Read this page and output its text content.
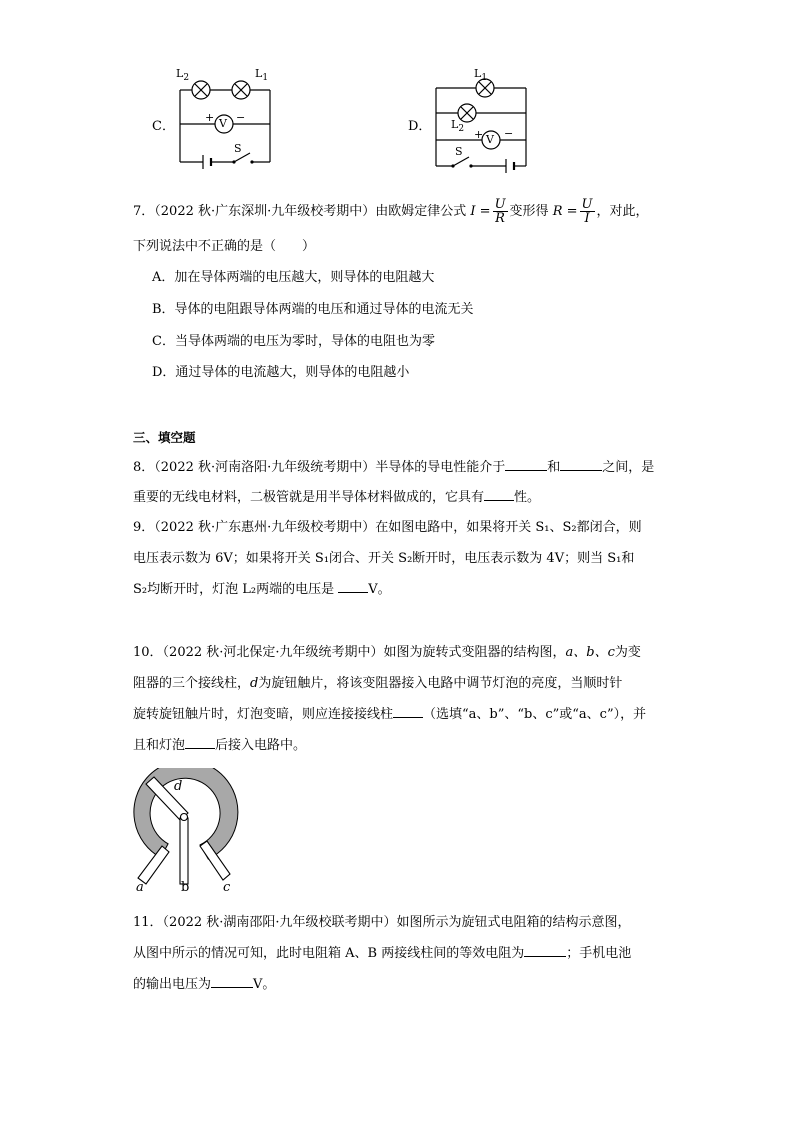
C．
$L_2$	$L_1$
+ −
V
S
D．
$L_1$
$L_2$ + −
V
S
7．（2022 秋·广东深圳·九年级校考期中）由欧姆定律公式 $I = \frac{U}{R}$ 变形得 $R = \frac{U}{I}$ ，对此，
下列说法中不正确的是（　　）
A．加在导体两端的电压越大，则导体的电阻越大
B．导体的电阻跟导体两端的电压和通过导体的电流无关
C．当导体两端的电压为零时，导体的电阻也为零
D．通过导体的电流越大，则导体的电阻越小
三、填空题
8．（2022 秋·河南洛阳·九年级统考期中）半导体的导电性能介于	和	之间，是
重要的无线电材料，二极管就是用半导体材料做成的，它具有 性。
9．（2022 秋·广东惠州·九年级校考期中）在如图电路中，如果将开关 S₁、S₂都闭合，则
电压表示数为 6V；如果将开关 S₁闭合、开关 S₂断开时，电压表示数为 4V；则当 S₁和
S₂均断开时，灯泡 L₂两端的电压是 V。
10．（2022 秋·河北保定·九年级统考期中）如图为旋转式变阻器的结构图，a、b、c为变
阻器的三个接线柱，d为旋钮触片，将该变阻器接入电路中调节灯泡的亮度，当顺时针
旋转旋钮触片时，灯泡变暗，则应连接接线柱 （选填“a、b”、“b、c”或“a、c”），并
且和灯泡 后接入电路中。
d
a	b	c
11．（2022 秋·湖南邵阳·九年级校联考期中）如图所示为旋钮式电阻箱的结构示意图，
从图中所示的情况可知，此时电阻箱 A、B 两接线柱间的等效电阻为	；手机电池
的输出电压为	V。
